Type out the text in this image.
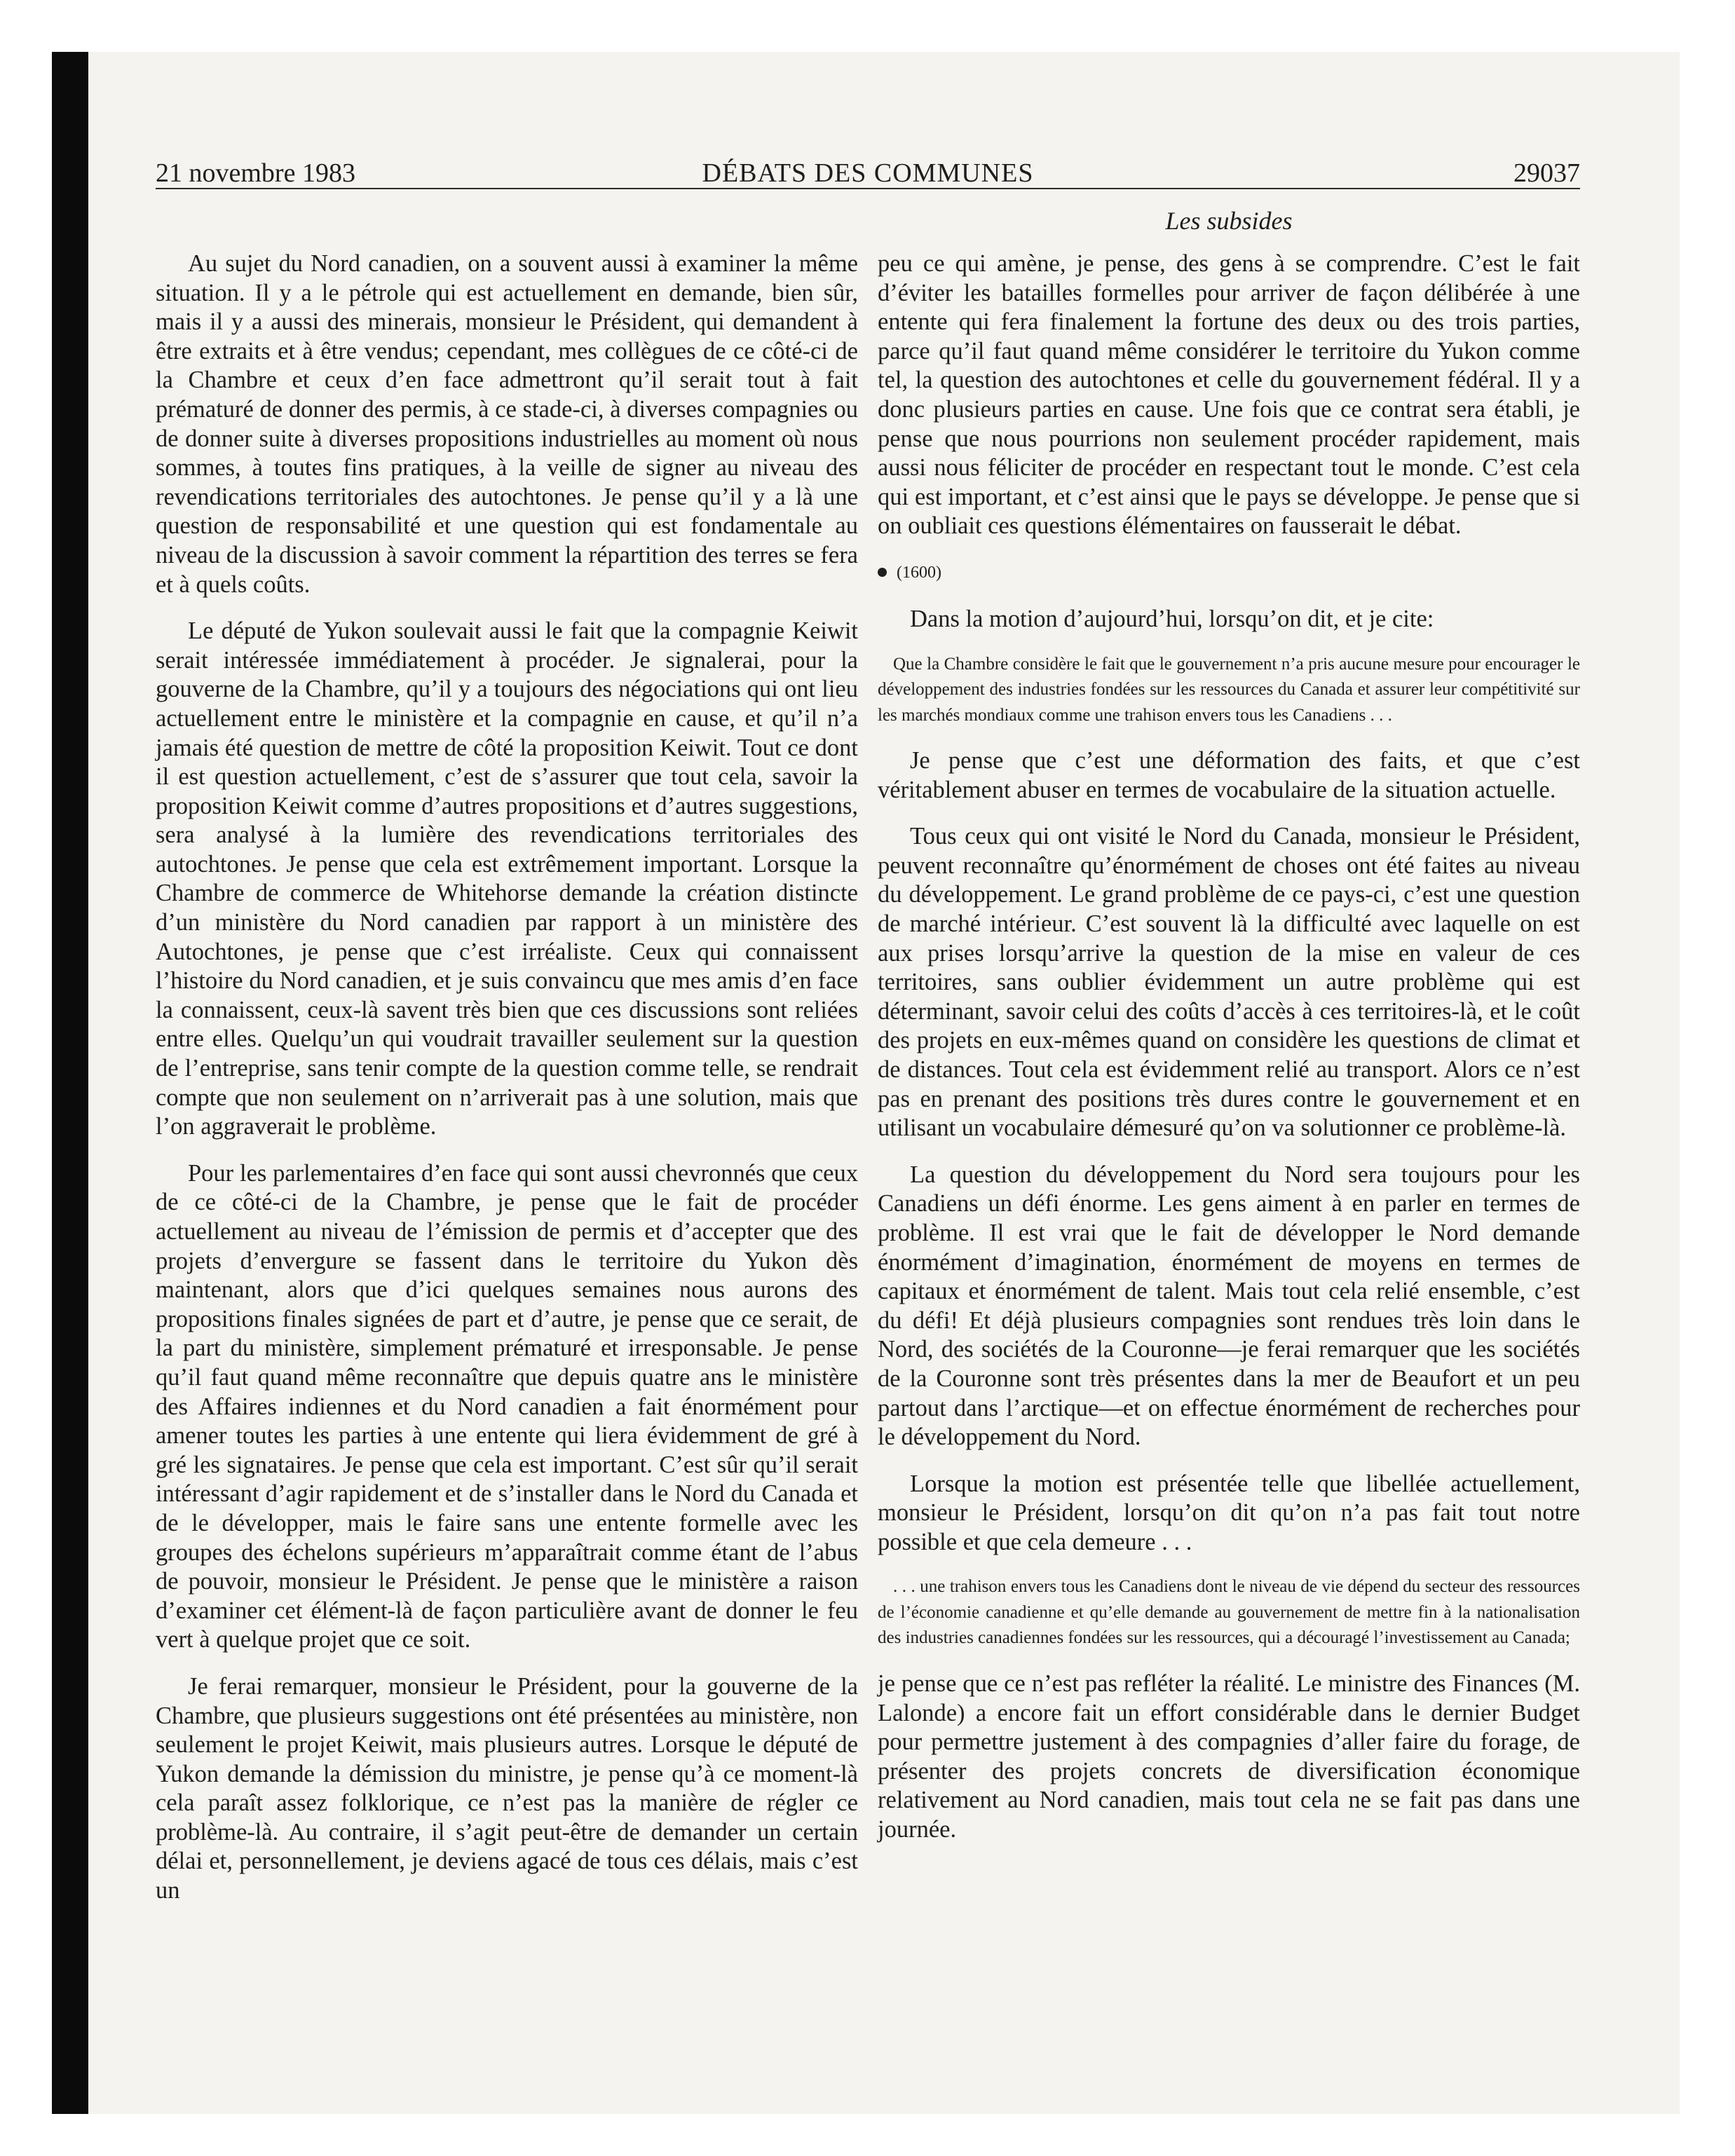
21 novembre 1983	DÉBATS DES COMMUNES	29037
Les subsides

Au sujet du Nord canadien, on a souvent aussi à examiner la même situation. Il y a le pétrole qui est actuellement en demande, bien sûr, mais il y a aussi des minerais, monsieur le Président, qui demandent à être extraits et à être vendus; cependant, mes collègues de ce côté-ci de la Chambre et ceux d’en face admettront qu’il serait tout à fait prématuré de donner des permis, à ce stade-ci, à diverses compagnies ou de donner suite à diverses propositions industrielles au moment où nous sommes, à toutes fins pratiques, à la veille de signer au niveau des revendications territoriales des autochtones. Je pense qu’il y a là une question de responsabilité et une question qui est fondamentale au niveau de la discussion à savoir comment la répartition des terres se fera et à quels coûts.

Le député de Yukon soulevait aussi le fait que la compagnie Keiwit serait intéressée immédiatement à procéder. Je signalerai, pour la gouverne de la Chambre, qu’il y a toujours des négociations qui ont lieu actuellement entre le ministère et la compagnie en cause, et qu’il n’a jamais été question de mettre de côté la proposition Keiwit. Tout ce dont il est question actuellement, c’est de s’assurer que tout cela, savoir la proposition Keiwit comme d’autres propositions et d’autres suggestions, sera analysé à la lumière des revendications territoriales des autochtones. Je pense que cela est extrêmement important. Lorsque la Chambre de commerce de Whitehorse demande la création distincte d’un ministère du Nord canadien par rapport à un ministère des Autochtones, je pense que c’est irréaliste. Ceux qui connaissent l’histoire du Nord canadien, et je suis convaincu que mes amis d’en face la connaissent, ceux-là savent très bien que ces discussions sont reliées entre elles. Quelqu’un qui voudrait travailler seulement sur la question de l’entreprise, sans tenir compte de la question comme telle, se rendrait compte que non seulement on n’arriverait pas à une solution, mais que l’on aggraverait le problème.

Pour les parlementaires d’en face qui sont aussi chevronnés que ceux de ce côté-ci de la Chambre, je pense que le fait de procéder actuellement au niveau de l’émission de permis et d’accepter que des projets d’envergure se fassent dans le territoire du Yukon dès maintenant, alors que d’ici quelques semaines nous aurons des propositions finales signées de part et d’autre, je pense que ce serait, de la part du ministère, simplement prématuré et irresponsable. Je pense qu’il faut quand même reconnaître que depuis quatre ans le ministère des Affaires indiennes et du Nord canadien a fait énormément pour amener toutes les parties à une entente qui liera évidemment de gré à gré les signataires. Je pense que cela est important. C’est sûr qu’il serait intéressant d’agir rapidement et de s’installer dans le Nord du Canada et de le développer, mais le faire sans une entente formelle avec les groupes des échelons supérieurs m’apparaîtrait comme étant de l’abus de pouvoir, monsieur le Président. Je pense que le ministère a raison d’examiner cet élément-là de façon particulière avant de donner le feu vert à quelque projet que ce soit.

Je ferai remarquer, monsieur le Président, pour la gouverne de la Chambre, que plusieurs suggestions ont été présentées au ministère, non seulement le projet Keiwit, mais plusieurs autres. Lorsque le député de Yukon demande la démission du ministre, je pense qu’à ce moment-là cela paraît assez folklorique, ce n’est pas la manière de régler ce problème-là. Au contraire, il s’agit peut-être de demander un certain délai et, personnellement, je deviens agacé de tous ces délais, mais c’est un

peu ce qui amène, je pense, des gens à se comprendre. C’est le fait d’éviter les batailles formelles pour arriver de façon délibérée à une entente qui fera finalement la fortune des deux ou des trois parties, parce qu’il faut quand même considérer le territoire du Yukon comme tel, la question des autochtones et celle du gouvernement fédéral. Il y a donc plusieurs parties en cause. Une fois que ce contrat sera établi, je pense que nous pourrions non seulement procéder rapidement, mais aussi nous féliciter de procéder en respectant tout le monde. C’est cela qui est important, et c’est ainsi que le pays se développe. Je pense que si on oubliait ces questions élémentaires on fausserait le débat.

(1600)

Dans la motion d’aujourd’hui, lorsqu’on dit, et je cite:

Que la Chambre considère le fait que le gouvernement n’a pris aucune mesure pour encourager le développement des industries fondées sur les ressources du Canada et assurer leur compétitivité sur les marchés mondiaux comme une trahison envers tous les Canadiens . . .

Je pense que c’est une déformation des faits, et que c’est véritablement abuser en termes de vocabulaire de la situation actuelle.

Tous ceux qui ont visité le Nord du Canada, monsieur le Président, peuvent reconnaître qu’énormément de choses ont été faites au niveau du développement. Le grand problème de ce pays-ci, c’est une question de marché intérieur. C’est souvent là la difficulté avec laquelle on est aux prises lorsqu’arrive la question de la mise en valeur de ces territoires, sans oublier évidemment un autre problème qui est déterminant, savoir celui des coûts d’accès à ces territoires-là, et le coût des projets en eux-mêmes quand on considère les questions de climat et de distances. Tout cela est évidemment relié au transport. Alors ce n’est pas en prenant des positions très dures contre le gouvernement et en utilisant un vocabulaire démesuré qu’on va solutionner ce problème-là.

La question du développement du Nord sera toujours pour les Canadiens un défi énorme. Les gens aiment à en parler en termes de problème. Il est vrai que le fait de développer le Nord demande énormément d’imagination, énormément de moyens en termes de capitaux et énormément de talent. Mais tout cela relié ensemble, c’est du défi! Et déjà plusieurs compagnies sont rendues très loin dans le Nord, des sociétés de la Couronne—je ferai remarquer que les sociétés de la Couronne sont très présentes dans la mer de Beaufort et un peu partout dans l’arctique—et on effectue énormément de recherches pour le développement du Nord.

Lorsque la motion est présentée telle que libellée actuellement, monsieur le Président, lorsqu’on dit qu’on n’a pas fait tout notre possible et que cela demeure . . .

. . . une trahison envers tous les Canadiens dont le niveau de vie dépend du secteur des ressources de l’économie canadienne et qu’elle demande au gouvernement de mettre fin à la nationalisation des industries canadiennes fondées sur les ressources, qui a découragé l’investissement au Canada;

je pense que ce n’est pas refléter la réalité. Le ministre des Finances (M. Lalonde) a encore fait un effort considérable dans le dernier Budget pour permettre justement à des compagnies d’aller faire du forage, de présenter des projets concrets de diversification économique relativement au Nord canadien, mais tout cela ne se fait pas dans une journée.
